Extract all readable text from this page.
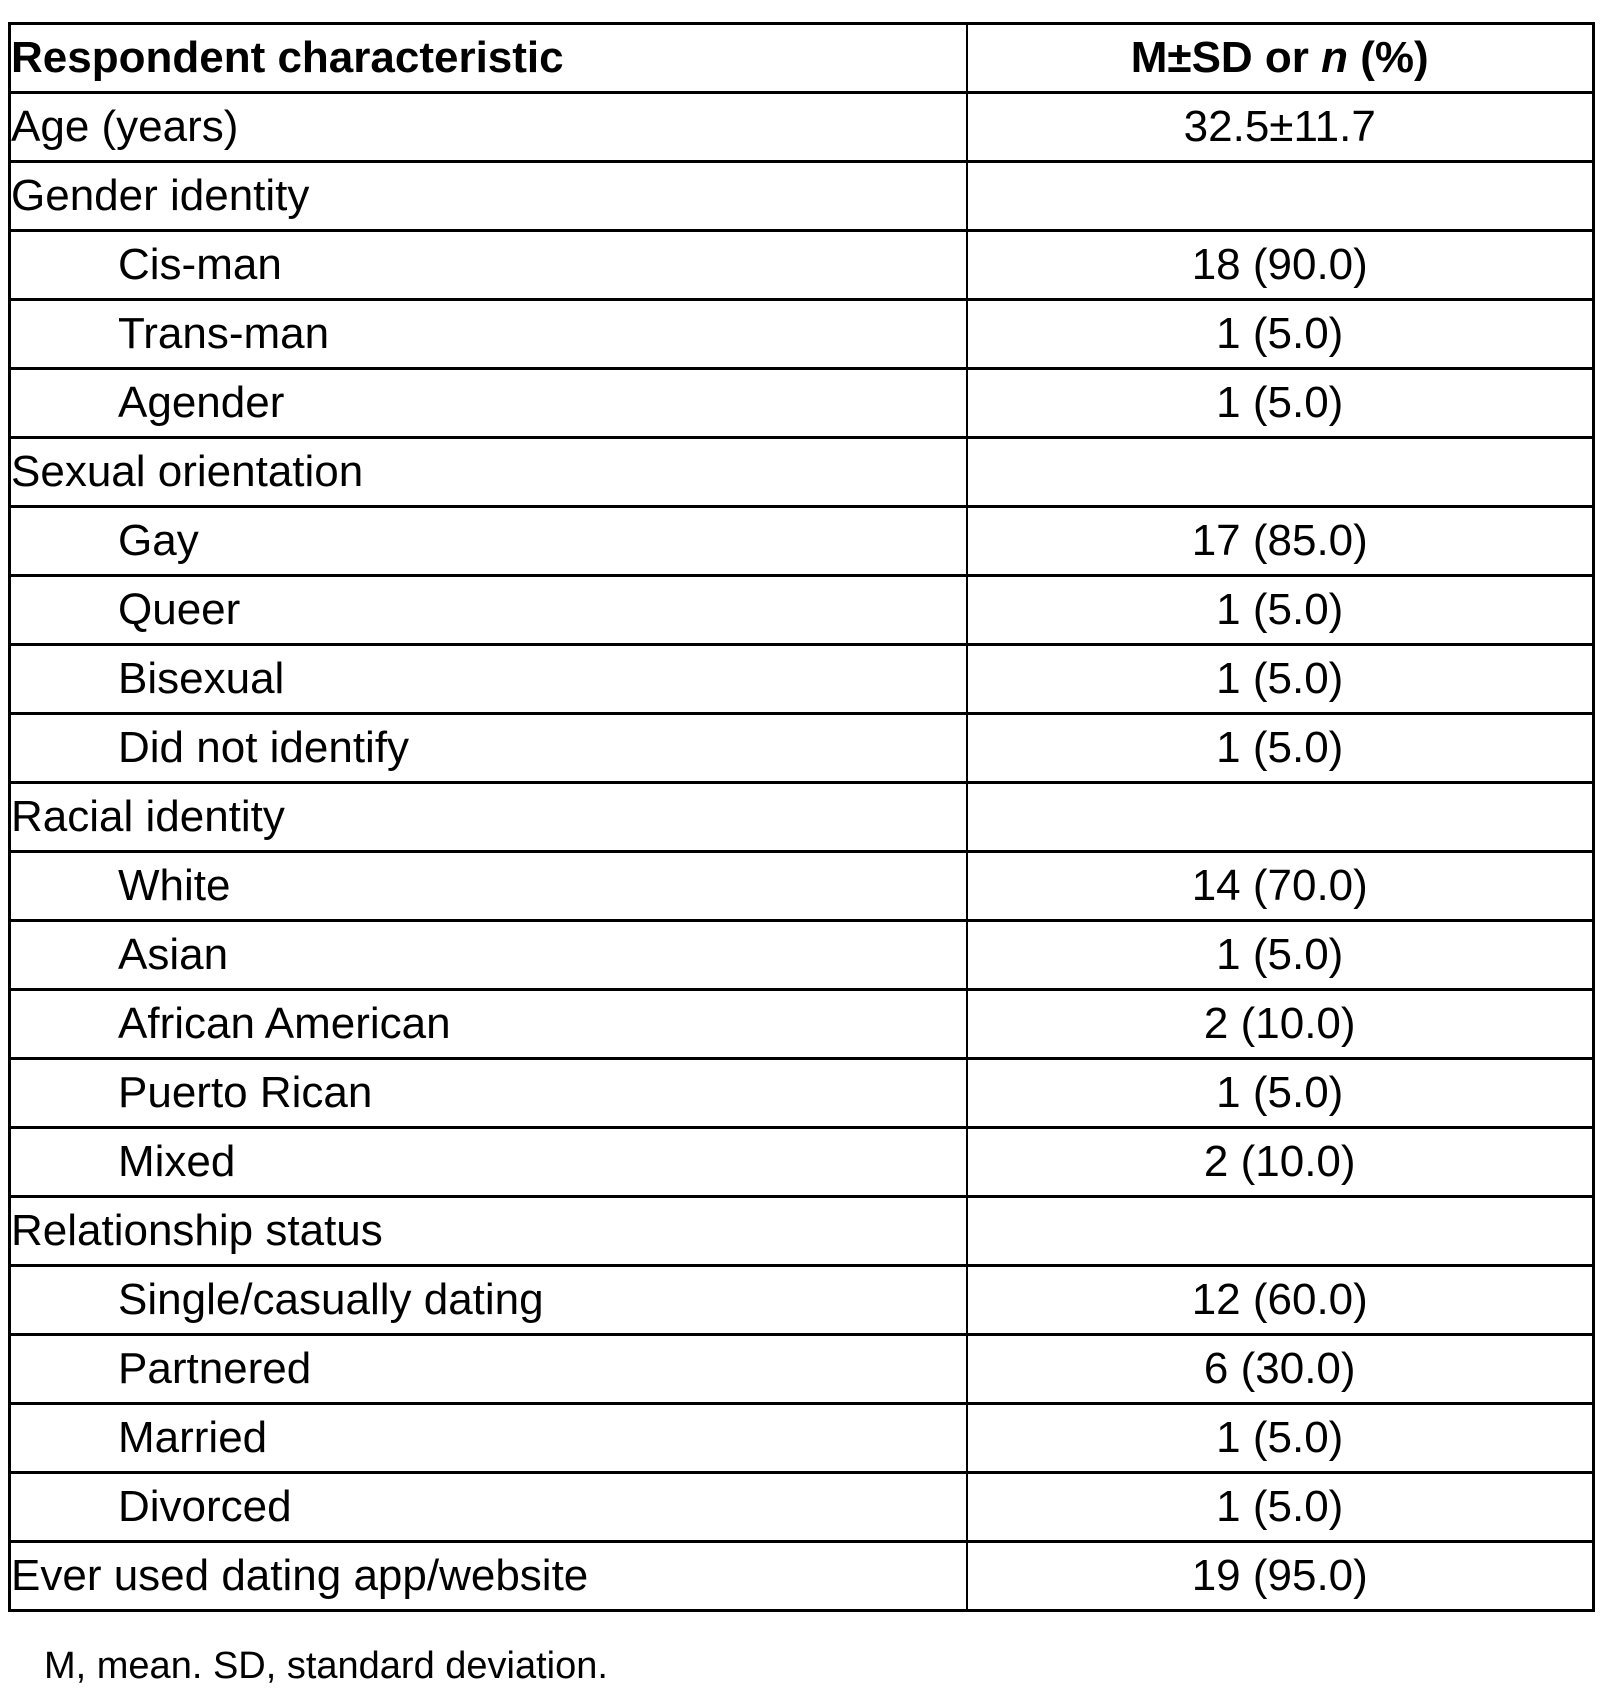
Respondent characteristic	M±SD or n (%)
Age (years)	32.5±11.7
Gender identity	
Cis-man	18 (90.0)
Trans-man	1 (5.0)
Agender	1 (5.0)
Sexual orientation	
Gay	17 (85.0)
Queer	1 (5.0)
Bisexual	1 (5.0)
Did not identify	1 (5.0)
Racial identity	
White	14 (70.0)
Asian	1 (5.0)
African American	2 (10.0)
Puerto Rican	1 (5.0)
Mixed	2 (10.0)
Relationship status	
Single/casually dating	12 (60.0)
Partnered	6 (30.0)
Married	1 (5.0)
Divorced	1 (5.0)
Ever used dating app/website	19 (95.0)
M, mean. SD, standard deviation.
